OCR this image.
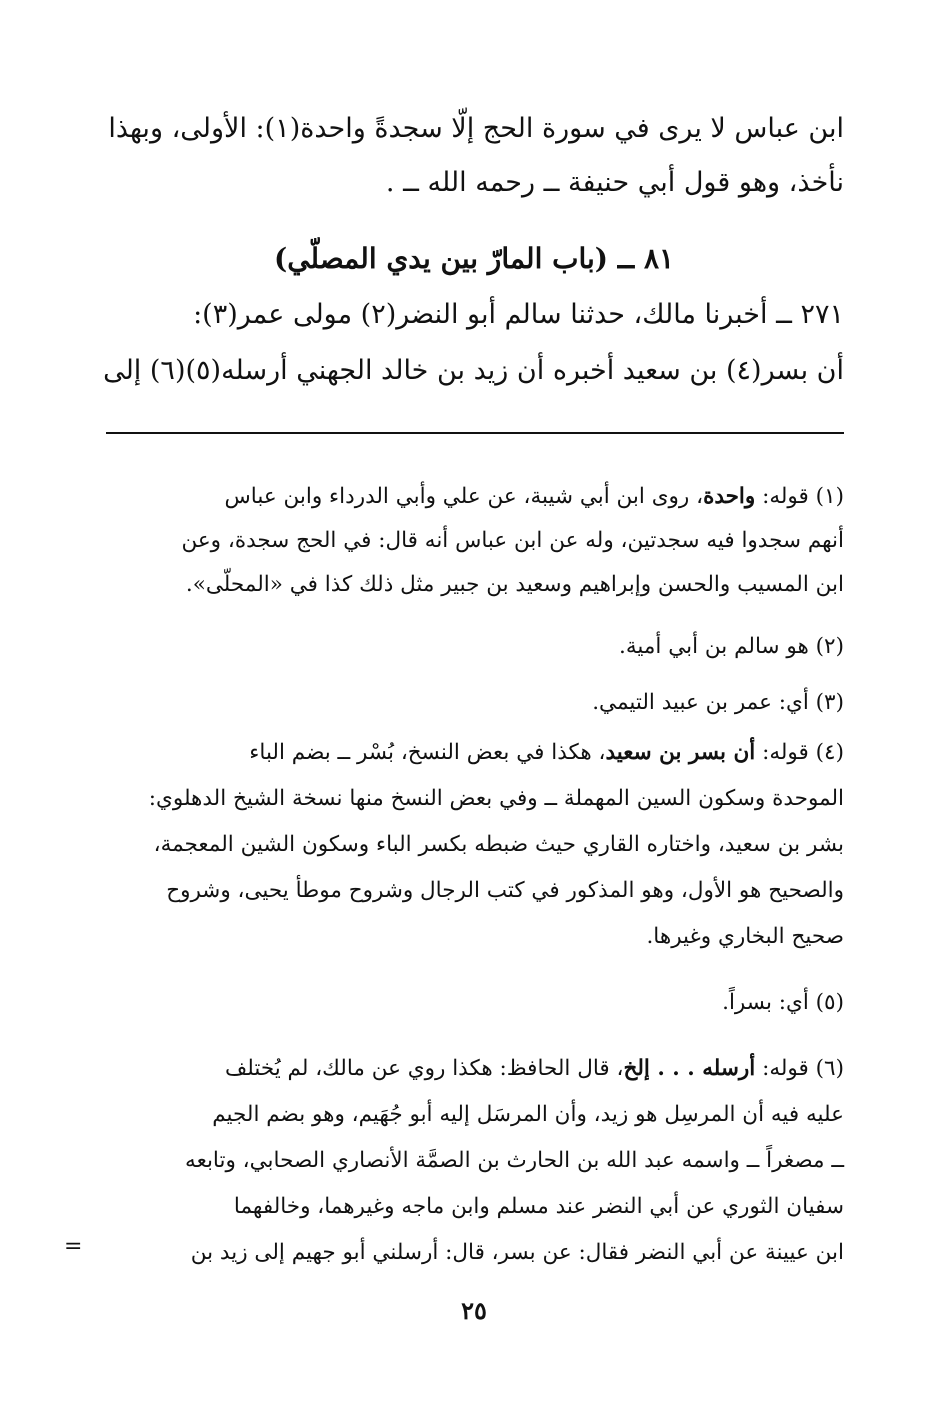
ابن عباس لا يرى في سورة الحج إلّا سجدةً واحدة(١): الأولى، وبهذا
نأخذ، وهو قول أبي حنيفة ــ رحمه الله ــ .
٨١ ــ (باب المارّ بين يدي المصلّي)
٢٧١ ــ أخبرنا مالك، حدثنا سالم أبو النضر(٢) مولى عمر(٣):
أن بسر(٤) بن سعيد أخبره أن زيد بن خالد الجهني أرسله(٥)(٦) إلى
(١) قوله: واحدة، روى ابن أبي شيبة، عن علي وأبي الدرداء وابن عباس
أنهم سجدوا فيه سجدتين، وله عن ابن عباس أنه قال: في الحج سجدة، وعن
ابن المسيب والحسن وإبراهيم وسعيد بن جبير مثل ذلك كذا في «المحلّى».
(٢) هو سالم بن أبي أمية.
(٣) أي: عمر بن عبيد التيمي.
(٤) قوله: أن بسر بن سعيد، هكذا في بعض النسخ، بُسْر ــ بضم الباء
الموحدة وسكون السين المهملة ــ وفي بعض النسخ منها نسخة الشيخ الدهلوي:
بشر بن سعيد، واختاره القاري حيث ضبطه بكسر الباء وسكون الشين المعجمة،
والصحيح هو الأول، وهو المذكور في كتب الرجال وشروح موطأ يحيى، وشروح
صحيح البخاري وغيرها.
(٥) أي: بسراً.
(٦) قوله: أرسله . . . إلخ، قال الحافظ: هكذا روي عن مالك، لم يُختلف
عليه فيه أن المرسِل هو زيد، وأن المرسَل إليه أبو جُهَيم، وهو بضم الجيم
ــ مصغراً ــ واسمه عبد الله بن الحارث بن الصمَّة الأنصاري الصحابي، وتابعه
سفيان الثوري عن أبي النضر عند مسلم وابن ماجه وغيرهما، وخالفهما
ابن عيينة عن أبي النضر فقال: عن بسر، قال: أرسلني أبو جهيم إلى زيد بن
=
٢٥
